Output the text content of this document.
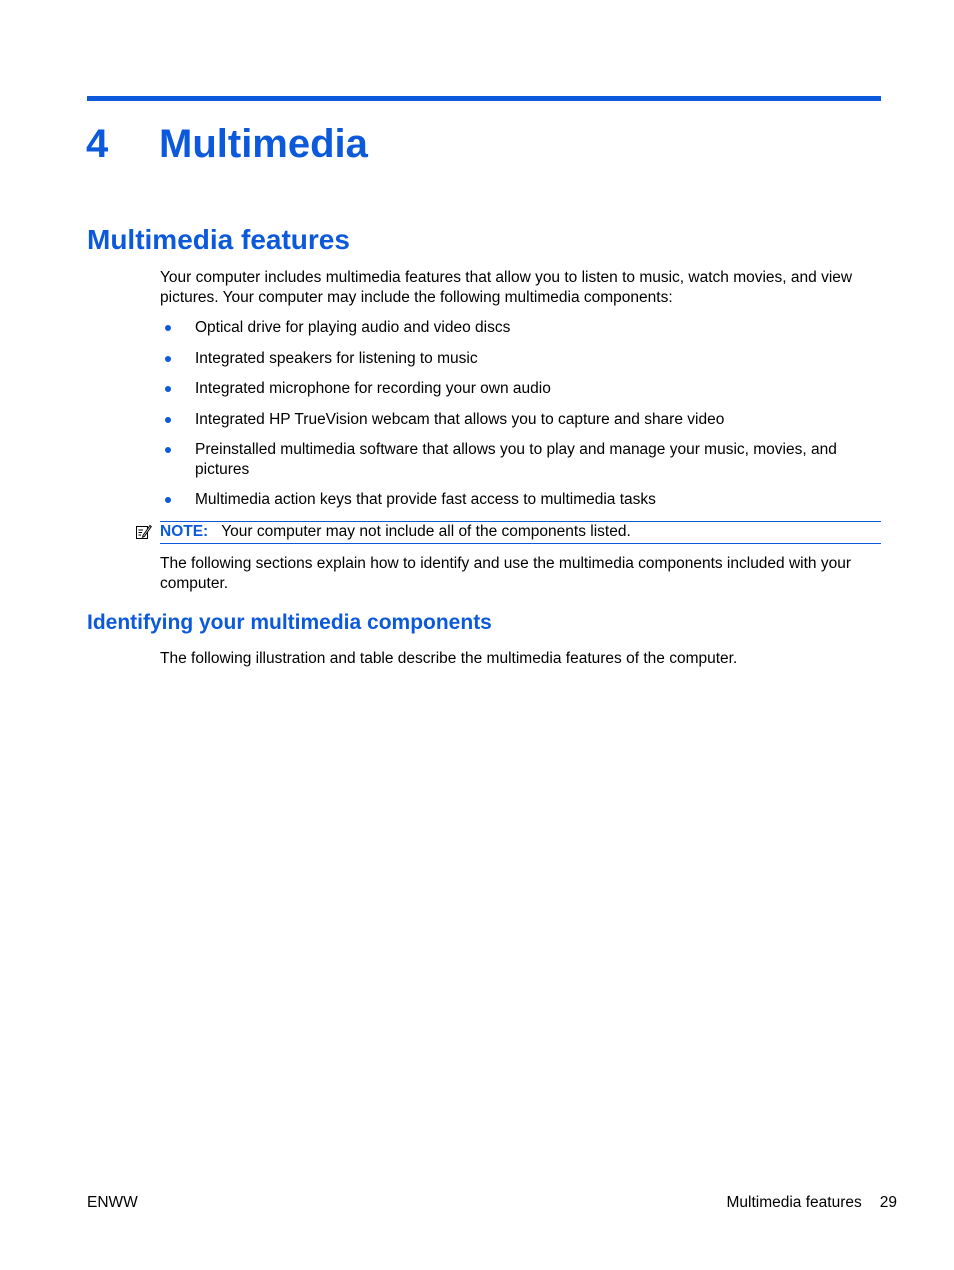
4 Multimedia
Multimedia features

Your computer includes multimedia features that allow you to listen to music, watch movies, and view pictures. Your computer may include the following multimedia components:

Optical drive for playing audio and video discs
Integrated speakers for listening to music
Integrated microphone for recording your own audio
Integrated HP TrueVision webcam that allows you to capture and share video
Preinstalled multimedia software that allows you to play and manage your music, movies, and pictures
Multimedia action keys that provide fast access to multimedia tasks
NOTE: Your computer may not include all of the components listed.

The following sections explain how to identify and use the multimedia components included with your computer.

Identifying your multimedia components

The following illustration and table describe the multimedia features of the computer.

ENWW	Multimedia features 29
